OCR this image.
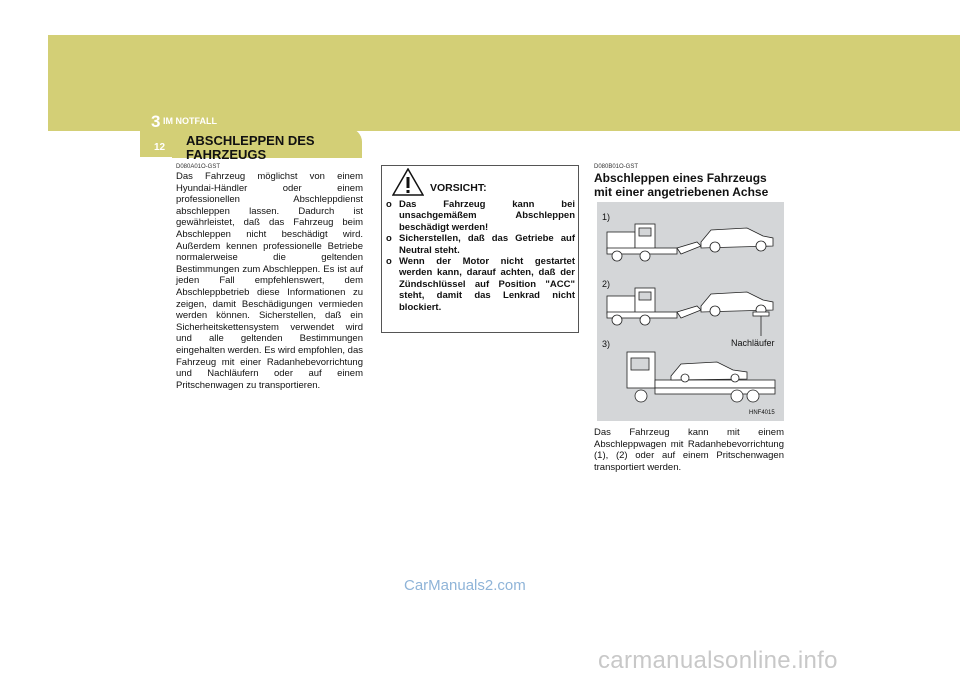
3 IM NOTFALL
12 ABSCHLEPPEN DES FAHRZEUGS
D080A01O-GST
Das Fahrzeug möglichst von einem Hyundai-Händler oder einem professionellen Abschleppdienst abschleppen lassen. Dadurch ist gewährleistet, daß das Fahrzeug beim Abschleppen nicht beschädigt wird. Außerdem kennen professionelle Betriebe normalerweise die geltenden Bestimmungen zum Abschleppen. Es ist auf jeden Fall empfehlenswert, dem Abschleppbetrieb diese Informationen zu zeigen, damit Beschädigungen vermieden werden können. Sicherstellen, daß ein Sicherheitskettensystem verwendet wird und alle geltenden Bestimmungen eingehalten werden. Es wird empfohlen, das Fahrzeug mit einer Radanhebevorrichtung und Nachläufern oder auf einem Pritschenwagen zu transportieren.
VORSICHT:
o Das Fahrzeug kann bei unsachgemäßem Abschleppen beschädigt werden!
o Sicherstellen, daß das Getriebe auf Neutral steht.
o Wenn der Motor nicht gestartet werden kann, darauf achten, daß der Zündschlüssel auf Position "ACC" steht, damit das Lenkrad nicht blockiert.
D080B01O-GST
Abschleppen eines Fahrzeugs mit einer angetriebenen Achse
1)
2)
3)	Nachläufer
HNF4015
Das Fahrzeug kann mit einem Abschleppwagen mit Radanhebevorrichtung (1), (2) oder auf einem Pritschenwagen transportiert werden.
CarManuals2.com
carmanualsonline.info
